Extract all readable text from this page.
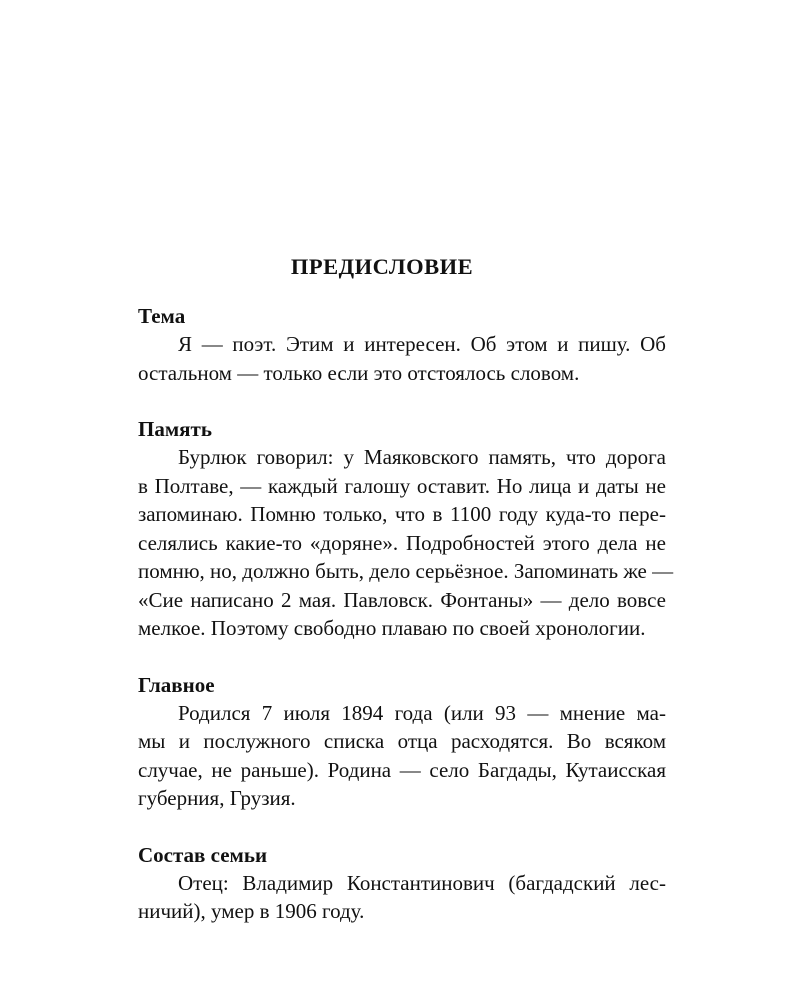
ПРЕДИСЛОВИЕ
Тема
Я — поэт. Этим и интересен. Об этом и пишу. Об
остальном — только если это отстоялось словом.
Память
Бурлюк говорил: у Маяковского память, что дорога
в Полтаве, — каждый галошу оставит. Но лица и даты не
запоминаю. Помню только, что в 1100 году куда-то пере-
селялись какие-то «доряне». Подробностей этого дела не
помню, но, должно быть, дело серьёзное. Запоминать же —
«Сие написано 2 мая. Павловск. Фонтаны» — дело вовсе
мелкое. Поэтому свободно плаваю по своей хронологии.
Главное
Родился 7 июля 1894 года (или 93 — мнение ма-
мы и послужного списка отца расходятся. Во всяком
случае, не раньше). Родина — село Багдады, Кутаисская
губерния, Грузия.
Состав семьи
Отец: Владимир Константинович (багдадский лес-
ничий), умер в 1906 году.
